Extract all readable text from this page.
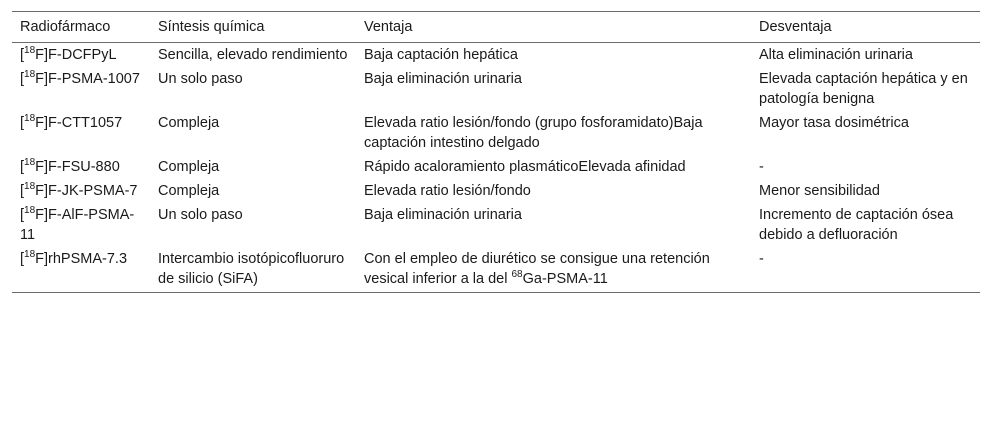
Radiofármaco	Síntesis química	Ventaja	Desventaja
[$^{18}$F]F-DCFPyL	Sencilla, elevado rendimiento	Baja captación hepática	Alta eliminación urinaria
[$^{18}$F]F-PSMA-1007	Un solo paso	Baja eliminación urinaria	Elevada captación hepática y en patología benigna
[$^{18}$F]F-CTT1057	Compleja	Elevada ratio lesión/fondo (grupo fosforamidato)Baja captación intestino delgado	Mayor tasa dosimétrica
[$^{18}$F]F-FSU-880	Compleja	Rápido acaloramiento plasmáticoElevada afinidad	-
[$^{18}$F]F-JK-PSMA-7	Compleja	Elevada ratio lesión/fondo	Menor sensibilidad
[$^{18}$F]F-AlF-PSMA-11	Un solo paso	Baja eliminación urinaria	Incremento de captación ósea debido a defluoración
[$^{18}$F]rhPSMA-7.3	Intercambio isotópicofluoruro de silicio (SiFA)	Con el empleo de diurético se consigue una retención vesical inferior a la del $^{68}$Ga-PSMA-11	-
